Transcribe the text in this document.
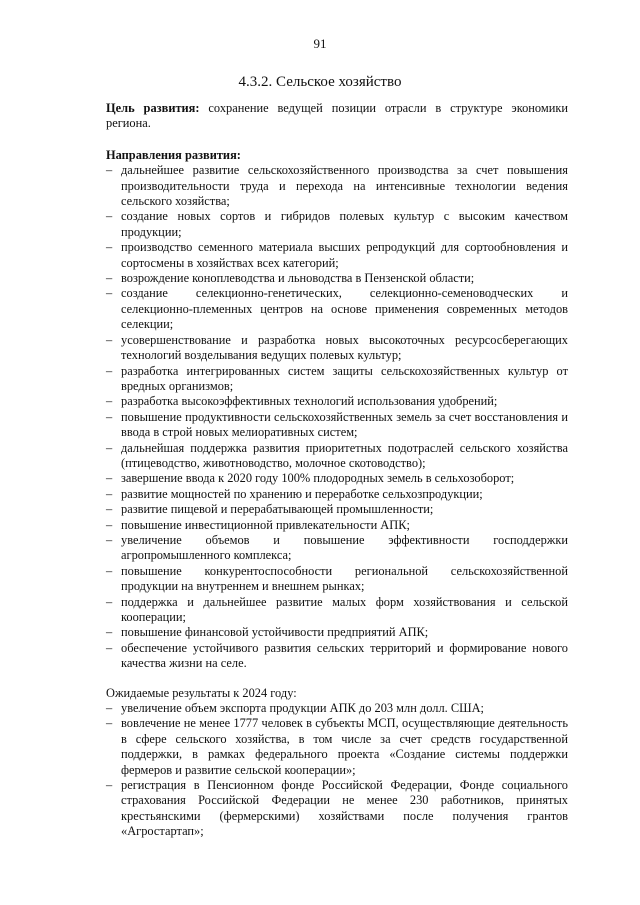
91
4.3.2. Сельское хозяйство

Цель развития: сохранение ведущей позиции отрасли в структуре экономики региона.

Направления развития:

– дальнейшее развитие сельскохозяйственного производства за счет повышения производительности труда и перехода на интенсивные технологии ведения сельского хозяйства;
– создание новых сортов и гибридов полевых культур с высоким качеством продукции;
– производство семенного материала высших репродукций для сортообновления и сортосмены в хозяйствах всех категорий;
– возрождение коноплеводства и льноводства в Пензенской области;
– создание селекционно-генетических, селекционно-семеноводческих и селекционно-племенных центров на основе применения современных методов селекции;
– усовершенствование и разработка новых высокоточных ресурсосберегающих технологий возделывания ведущих полевых культур;
– разработка интегрированных систем защиты сельскохозяйственных культур от вредных организмов;
– разработка высокоэффективных технологий использования удобрений;
– повышение продуктивности сельскохозяйственных земель за счет восстановления и ввода в строй новых мелиоративных систем;
– дальнейшая поддержка развития приоритетных подотраслей сельского хозяйства (птицеводство, животноводство, молочное скотоводство);
– завершение ввода к 2020 году 100% плодородных земель в сельхозоборот;
– развитие мощностей по хранению и переработке сельхозпродукции;
– развитие пищевой и перерабатывающей промышленности;
– повышение инвестиционной привлекательности АПК;
– увеличение объемов и повышение эффективности господдержки агропромышленного комплекса;
– повышение конкурентоспособности региональной сельскохозяйственной продукции на внутреннем и внешнем рынках;
– поддержка и дальнейшее развитие малых форм хозяйствования и сельской кооперации;
– повышение финансовой устойчивости предприятий АПК;
– обеспечение устойчивого развития сельских территорий и формирование нового качества жизни на селе.

Ожидаемые результаты к 2024 году:

– увеличение объем экспорта продукции АПК до 203 млн долл. США;
– вовлечение не менее 1777 человек в субъекты МСП, осуществляющие деятельность в сфере сельского хозяйства, в том числе за счет средств государственной поддержки, в рамках федерального проекта «Создание системы поддержки фермеров и развитие сельской кооперации»;
– регистрация в Пенсионном фонде Российской Федерации, Фонде социального страхования Российской Федерации не менее 230 работников, принятых крестьянскими (фермерскими) хозяйствами после получения грантов «Агростартап»;
